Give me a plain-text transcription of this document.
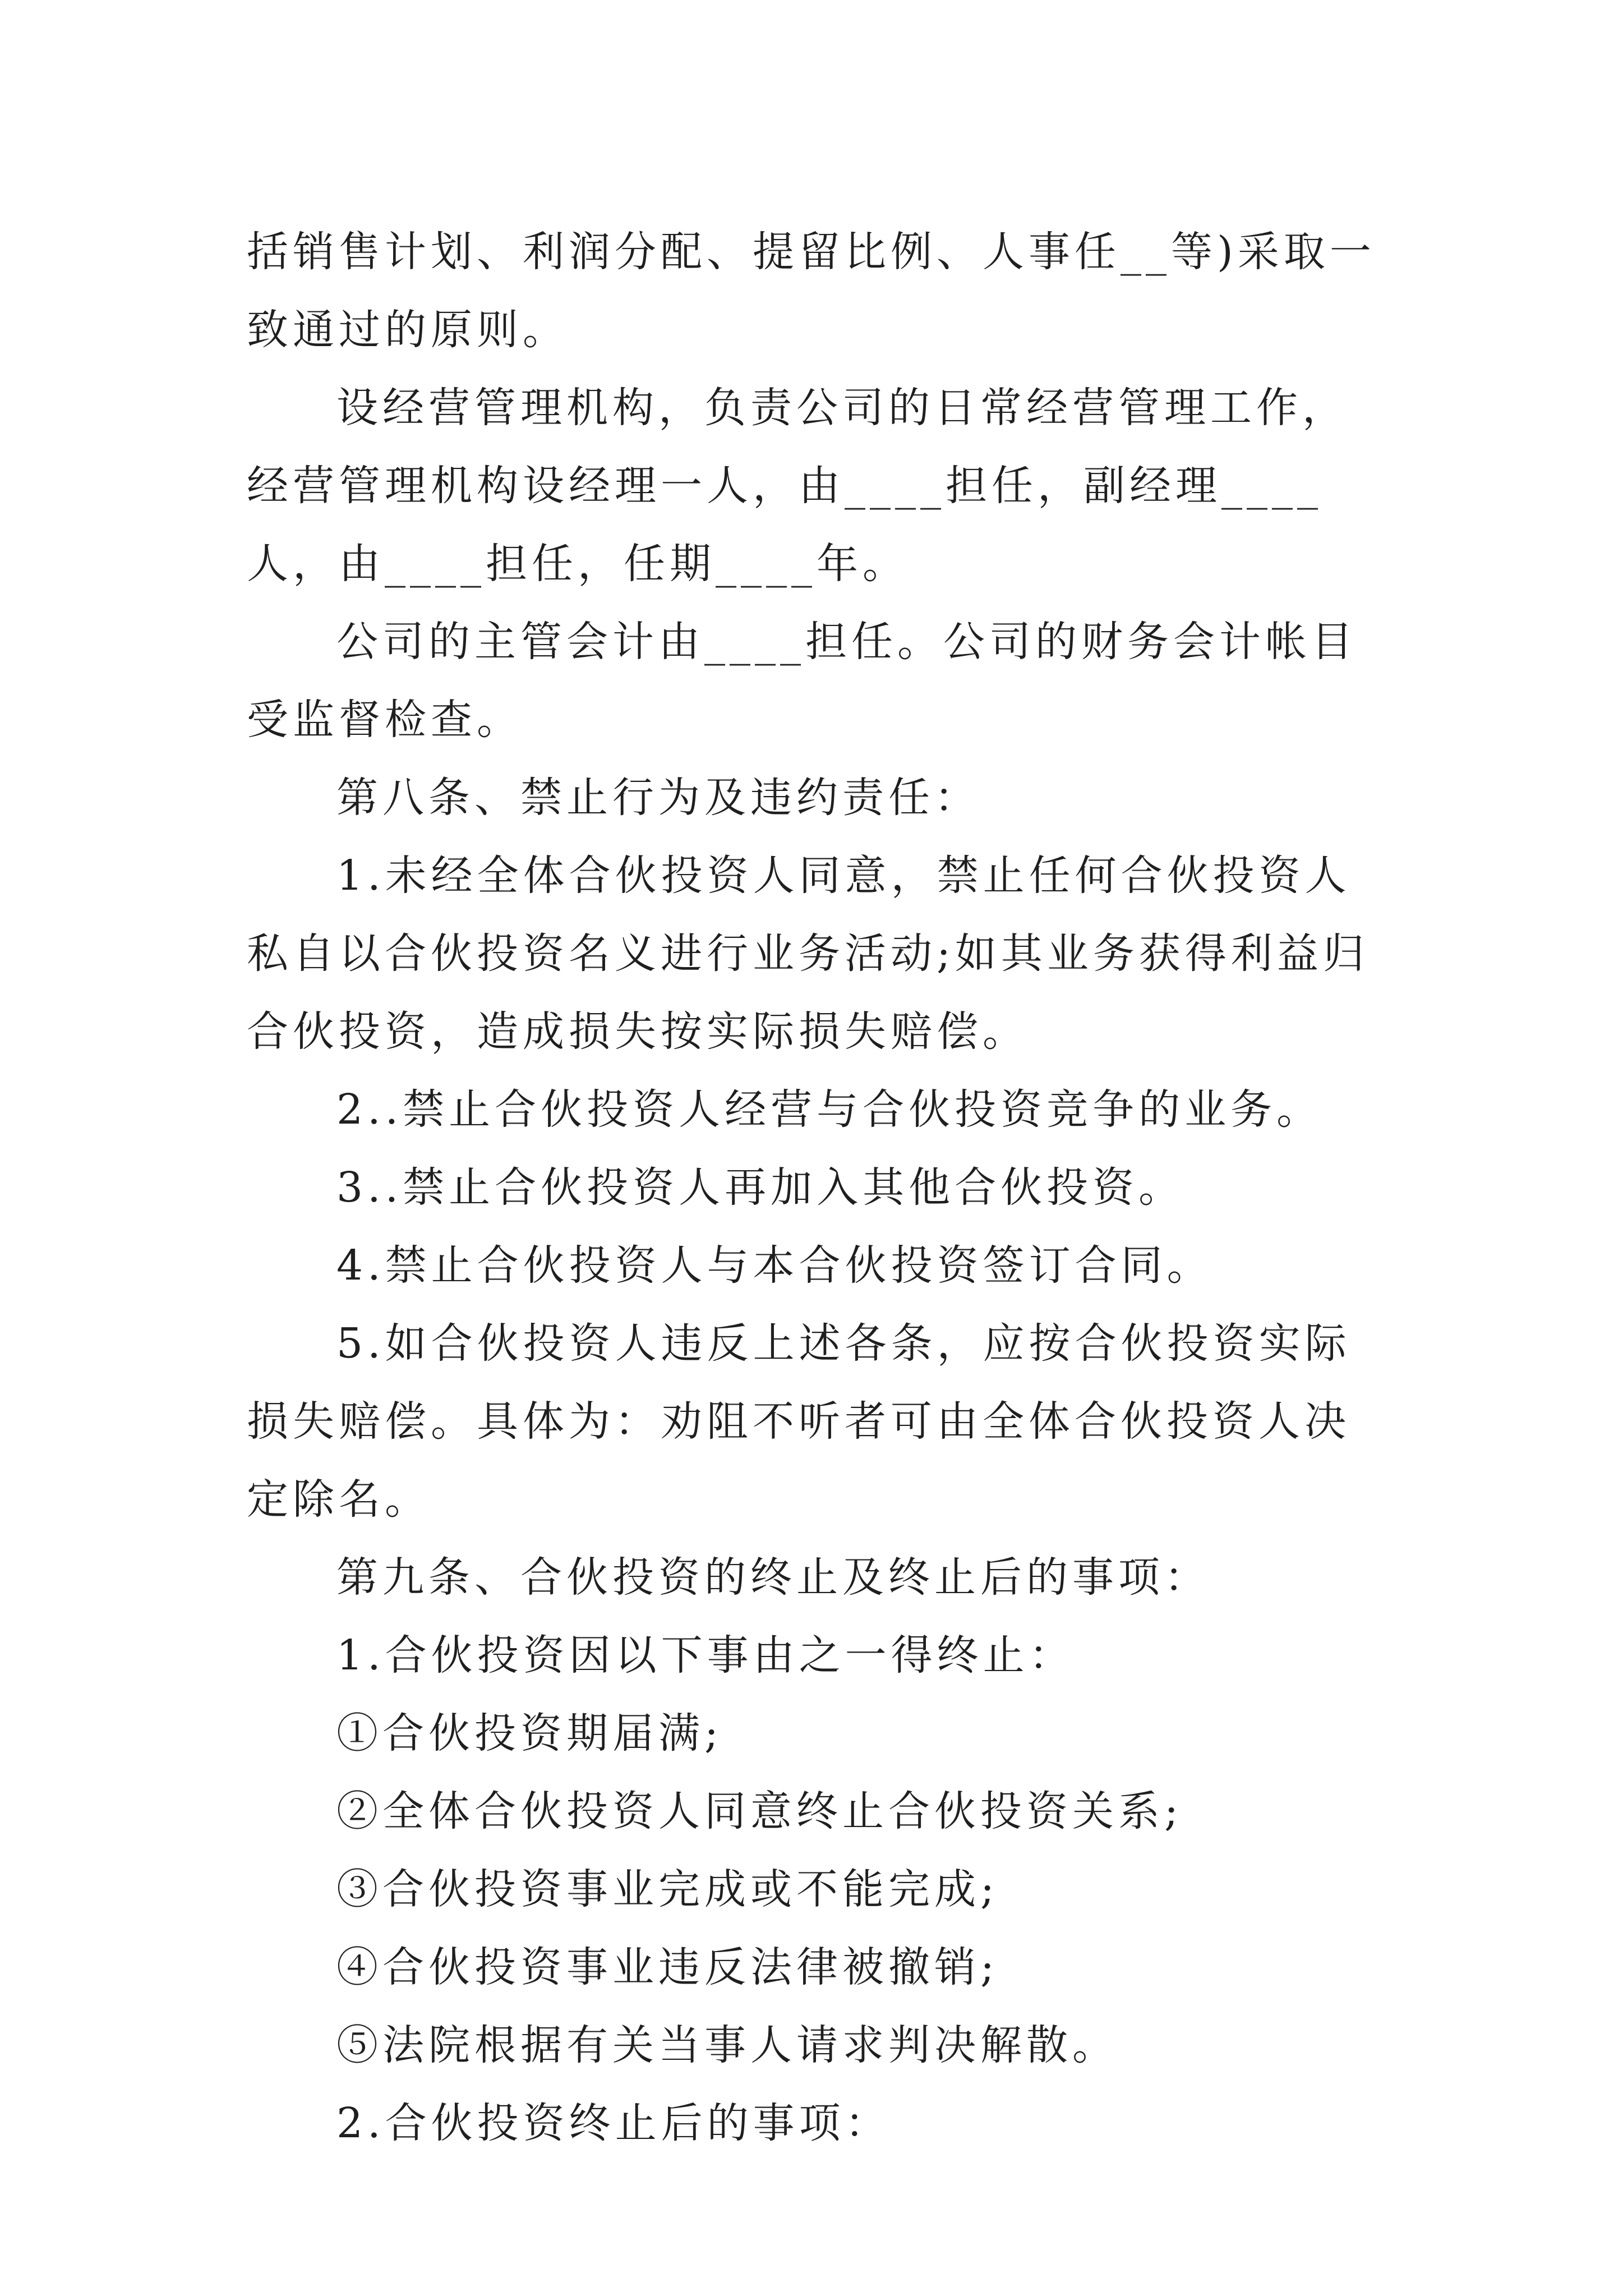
括销售计划、利润分配、提留比例、人事任__等)采取一致通过的原则。

设经营管理机构，负责公司的日常经营管理工作，经营管理机构设经理一人，由____担任，副经理____人，由____担任，任期____年。

公司的主管会计由____担任。公司的财务会计帐目受监督检查。

第八条、禁止行为及违约责任：

1.未经全体合伙投资人同意，禁止任何合伙投资人私自以合伙投资名义进行业务活动;如其业务获得利益归合伙投资，造成损失按实际损失赔偿。

2..禁止合伙投资人经营与合伙投资竞争的业务。

3..禁止合伙投资人再加入其他合伙投资。

4.禁止合伙投资人与本合伙投资签订合同。

5.如合伙投资人违反上述各条，应按合伙投资实际损失赔偿。具体为：劝阻不听者可由全体合伙投资人决定除名。

第九条、合伙投资的终止及终止后的事项：

1.合伙投资因以下事由之一得终止：

①合伙投资期届满;

②全体合伙投资人同意终止合伙投资关系;

③合伙投资事业完成或不能完成;

④合伙投资事业违反法律被撤销;

⑤法院根据有关当事人请求判决解散。

2.合伙投资终止后的事项：
